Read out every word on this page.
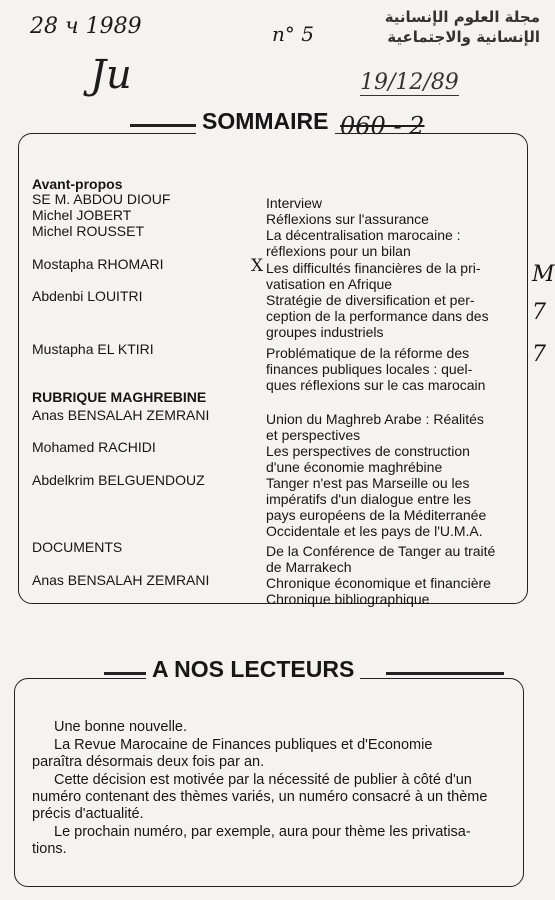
28 ч 1989	n° 5
Ju
مجلة العلوم الإنسانية
الإنسانية والاجتماعية
19/12/89
SOMMAIRE 060 - 2
Avant-propos
SE M. ABDOU DIOUF	Interview
Michel JOBERT	Réflexions sur l'assurance
Michel ROUSSET	La décentralisation marocaine :
réflexions pour un bilan
Mostapha RHOMARI	X Les difficultés financières de la pri-
vatisation en Afrique
Abdenbi LOUITRI	Stratégie de diversification et per-
ception de la performance dans des
groupes industriels
Mustapha EL KTIRI	Problématique de la réforme des
finances publiques locales : quel-
ques réflexions sur le cas marocain
RUBRIQUE MAGHREBINE
Anas BENSALAH ZEMRANI	Union du Maghreb Arabe : Réalités
et perspectives
Mohamed RACHIDI	Les perspectives de construction
d'une économie maghrébine
Abdelkrim BELGUENDOUZ	Tanger n'est pas Marseille ou les
impératifs d'un dialogue entre les
pays européens de la Méditerranée
Occidentale et les pays de l'U.M.A.
DOCUMENTS	De la Conférence de Tanger au traité
de Marrakech
Anas BENSALAH ZEMRANI	Chronique économique et financière
Chronique bibliographique
M
7
7
A NOS LECTEURS
Une bonne nouvelle.
La Revue Marocaine de Finances publiques et d'Economie
paraîtra désormais deux fois par an.
Cette décision est motivée par la nécessité de publier à côté d'un
numéro contenant des thèmes variés, un numéro consacré à un thème
précis d'actualité.
Le prochain numéro, par exemple, aura pour thème les privatisa-
tions.
